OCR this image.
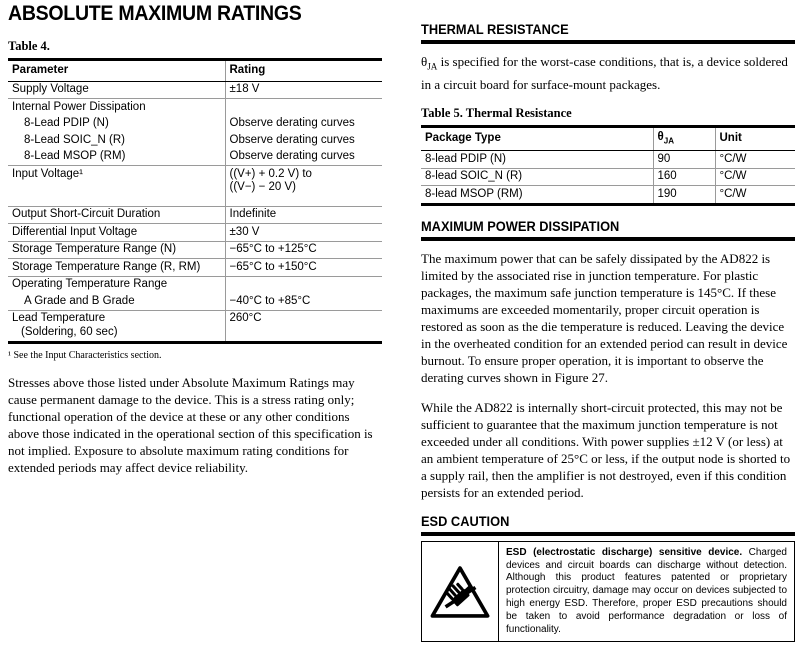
ABSOLUTE MAXIMUM RATINGS
Table 4.
Parameter	Rating
Supply Voltage	±18 V
Internal Power Dissipation	
8-Lead PDIP (N)	Observe derating curves
8-Lead SOIC_N (R)	Observe derating curves
8-Lead MSOP (RM)	Observe derating curves
Input Voltage¹	((V+) + 0.2 V) to
((V−) − 20 V)

Output Short-Circuit Duration	Indefinite
Differential Input Voltage	±30 V
Storage Temperature Range (N)	−65°C to +125°C
Storage Temperature Range (R, RM)	−65°C to +150°C
Operating Temperature Range	
A Grade and B Grade	−40°C to +85°C

Lead Temperature
(Soldering, 60 sec)	260°C
¹ See the Input Characteristics section.

Stresses above those listed under Absolute Maximum Ratings may cause permanent damage to the device. This is a stress rating only; functional operation of the device at these or any other conditions above those indicated in the operational section of this specification is not implied. Exposure to absolute maximum rating conditions for extended periods may affect device reliability.

THERMAL RESISTANCE

$\theta_{JA}$ is specified for the worst-case conditions, that is, a device soldered in a circuit board for surface-mount packages.

Table 5. Thermal Resistance
Package Type	$\theta_{JA}$	Unit
8-lead PDIP (N)	90	°C/W
8-lead SOIC_N (R)	160	°C/W
8-lead MSOP (RM)	190	°C/W
MAXIMUM POWER DISSIPATION

The maximum power that can be safely dissipated by the AD822 is limited by the associated rise in junction temperature. For plastic packages, the maximum safe junction temperature is 145°C. If these maximums are exceeded momentarily, proper circuit operation is restored as soon as the die temperature is reduced. Leaving the device in the overheated condition for an extended period can result in device burnout. To ensure proper operation, it is important to observe the derating curves shown in Figure 27.

While the AD822 is internally short-circuit protected, this may not be sufficient to guarantee that the maximum junction temperature is not exceeded under all conditions. With power supplies ±12 V (or less) at an ambient temperature of 25°C or less, if the output node is shorted to a supply rail, then the amplifier is not destroyed, even if this condition persists for an extended period.

ESD CAUTION
ESD (electrostatic discharge) sensitive device. Charged devices and circuit boards can discharge without detection. Although this product features patented or proprietary protection circuitry, damage may occur on devices subjected to high energy ESD. Therefore, proper ESD precautions should be taken to avoid performance degradation or loss of functionality.
